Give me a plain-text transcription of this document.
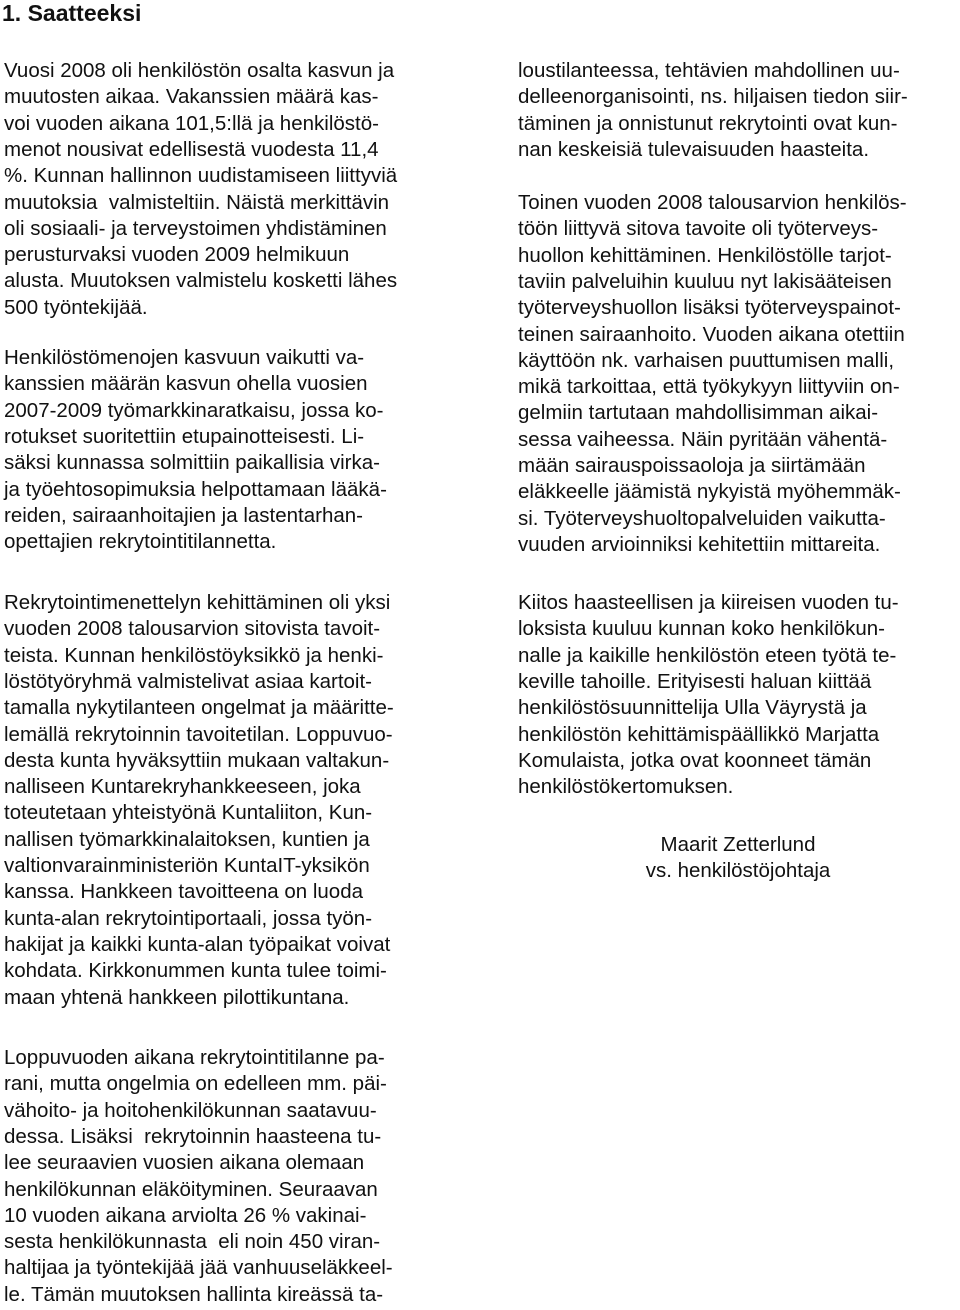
1. Saatteeksi
Vuosi 2008 oli henkilöstön osalta kasvun ja
muutosten aikaa. Vakanssien määrä kas-
voi vuoden aikana 101,5:llä ja henkilöstö-
menot nousivat edellisestä vuodesta 11,4
%. Kunnan hallinnon uudistamiseen liittyviä
muutoksia  valmisteltiin. Näistä merkittävin
oli sosiaali- ja terveystoimen yhdistäminen
perusturvaksi vuoden 2009 helmikuun
alusta. Muutoksen valmistelu kosketti lähes
500 työntekijää.
Henkilöstömenojen kasvuun vaikutti va-
kanssien määrän kasvun ohella vuosien
2007-2009 työmarkkinaratkaisu, jossa ko-
rotukset suoritettiin etupainotteisesti. Li-
säksi kunnassa solmittiin paikallisia virka-
ja työehtosopimuksia helpottamaan lääkä-
reiden, sairaanhoitajien ja lastentarhan-
opettajien rekrytointitilannetta.
Rekrytointimenettelyn kehittäminen oli yksi
vuoden 2008 talousarvion sitovista tavoit-
teista. Kunnan henkilöstöyksikkö ja henki-
löstötyöryhmä valmistelivat asiaa kartoit-
tamalla nykytilanteen ongelmat ja määritte-
lemällä rekrytoinnin tavoitetilan. Loppuvuo-
desta kunta hyväksyttiin mukaan valtakun-
nalliseen Kuntarekryhankkeeseen, joka
toteutetaan yhteistyönä Kuntaliiton, Kun-
nallisen työmarkkinalaitoksen, kuntien ja
valtionvarainministeriön KuntaIT-yksikön
kanssa. Hankkeen tavoitteena on luoda
kunta-alan rekrytointiportaali, jossa työn-
hakijat ja kaikki kunta-alan työpaikat voivat
kohdata. Kirkkonummen kunta tulee toimi-
maan yhtenä hankkeen pilottikuntana.
Loppuvuoden aikana rekrytointitilanne pa-
rani, mutta ongelmia on edelleen mm. päi-
vähoito- ja hoitohenkilökunnan saatavuu-
dessa. Lisäksi  rekrytoinnin haasteena tu-
lee seuraavien vuosien aikana olemaan
henkilökunnan eläköityminen. Seuraavan
10 vuoden aikana arviolta 26 % vakinai-
sesta henkilökunnasta  eli noin 450 viran-
haltijaa ja työntekijää jää vanhuuseläkkeel-
le. Tämän muutoksen hallinta kireässä ta-
loustilanteessa, tehtävien mahdollinen uu-
delleenorganisointi, ns. hiljaisen tiedon siir-
täminen ja onnistunut rekrytointi ovat kun-
nan keskeisiä tulevaisuuden haasteita.
Toinen vuoden 2008 talousarvion henkilös-
töön liittyvä sitova tavoite oli työterveys-
huollon kehittäminen. Henkilöstölle tarjot-
taviin palveluihin kuuluu nyt lakisääteisen
työterveyshuollon lisäksi työterveyspainot-
teinen sairaanhoito. Vuoden aikana otettiin
käyttöön nk. varhaisen puuttumisen malli,
mikä tarkoittaa, että työkykyyn liittyviin on-
gelmiin tartutaan mahdollisimman aikai-
sessa vaiheessa. Näin pyritään vähentä-
mään sairauspoissaoloja ja siirtämään
eläkkeelle jäämistä nykyistä myöhemmäk-
si. Työterveyshuoltopalveluiden vaikutta-
vuuden arvioinniksi kehitettiin mittareita.
Kiitos haasteellisen ja kiireisen vuoden tu-
loksista kuuluu kunnan koko henkilökun-
nalle ja kaikille henkilöstön eteen työtä te-
keville tahoille. Erityisesti haluan kiittää
henkilöstösuunnittelija Ulla Väyrystä ja
henkilöstön kehittämispäällikkö Marjatta
Komulaista, jotka ovat koonneet tämän
henkilöstökertomuksen.
Maarit Zetterlund
vs. henkilöstöjohtaja
